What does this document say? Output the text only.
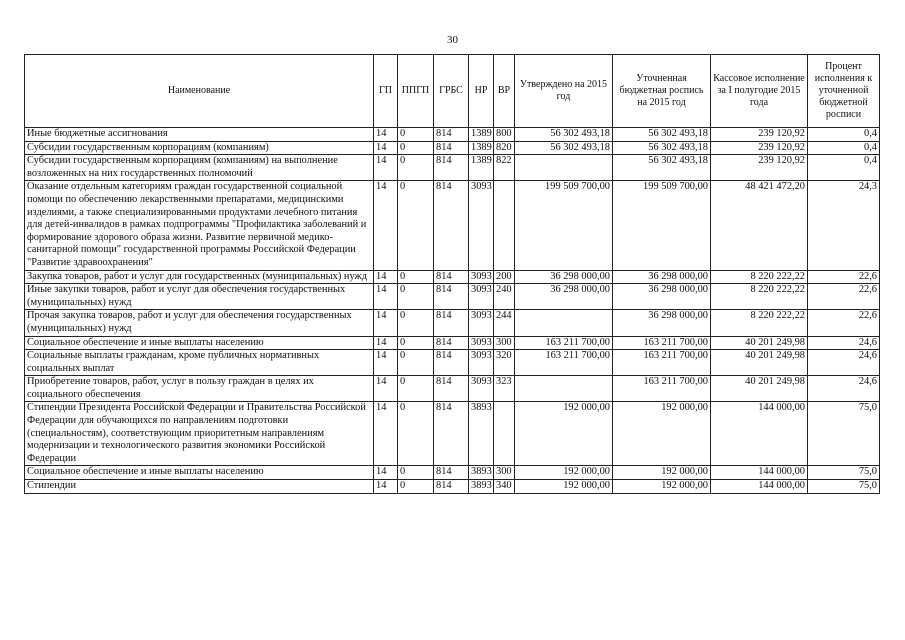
30
Наименование	ГП	ППГП	ГРБС	НР	ВР	Утверждено на 2015 год	Уточненная бюджетная роспись на 2015 год	Кассовое исполнение за I полугодие 2015 года	Процент исполнения к уточненной бюджетной росписи
Иные бюджетные ассигнования	14	0	814	1389	800	56 302 493,18	56 302 493,18	239 120,92	0,4
Субсидии государственным корпорациям (компаниям)	14	0	814	1389	820	56 302 493,18	56 302 493,18	239 120,92	0,4
Субсидии государственным корпорациям (компаниям) на выполнение возложенных на них государственных полномочий	14	0	814	1389	822		56 302 493,18	239 120,92	0,4
Оказание отдельным категориям граждан государственной социальной помощи по обеспечению лекарственными препаратами, медицинскими изделиями, а также специализированными продуктами лечебного питания для детей-инвалидов в рамках подпрограммы "Профилактика заболеваний и формирование здорового образа жизни. Развитие первичной медико-санитарной помощи" государственной программы Российской Федерации "Развитие здравоохранения"	14	0	814	3093		199 509 700,00	199 509 700,00	48 421 472,20	24,3
Закупка товаров, работ и услуг для государственных (муниципальных) нужд	14	0	814	3093	200	36 298 000,00	36 298 000,00	8 220 222,22	22,6
Иные закупки товаров, работ и услуг для обеспечения государственных (муниципальных) нужд	14	0	814	3093	240	36 298 000,00	36 298 000,00	8 220 222,22	22,6
Прочая закупка товаров, работ и услуг для обеспечения государственных (муниципальных) нужд	14	0	814	3093	244		36 298 000,00	8 220 222,22	22,6
Социальное обеспечение и иные выплаты населению	14	0	814	3093	300	163 211 700,00	163 211 700,00	40 201 249,98	24,6
Социальные выплаты гражданам, кроме публичных нормативных социальных выплат	14	0	814	3093	320	163 211 700,00	163 211 700,00	40 201 249,98	24,6
Приобретение товаров, работ, услуг в пользу граждан в целях их социального обеспечения	14	0	814	3093	323		163 211 700,00	40 201 249,98	24,6
Стипендии Президента Российской Федерации и Правительства Российской Федерации для обучающихся по направлениям подготовки (специальностям), соответствующим приоритетным направлениям модернизации и технологического развития экономики Российской Федерации	14	0	814	3893		192 000,00	192 000,00	144 000,00	75,0
Социальное обеспечение и иные выплаты населению	14	0	814	3893	300	192 000,00	192 000,00	144 000,00	75,0
Стипендии	14	0	814	3893	340	192 000,00	192 000,00	144 000,00	75,0
